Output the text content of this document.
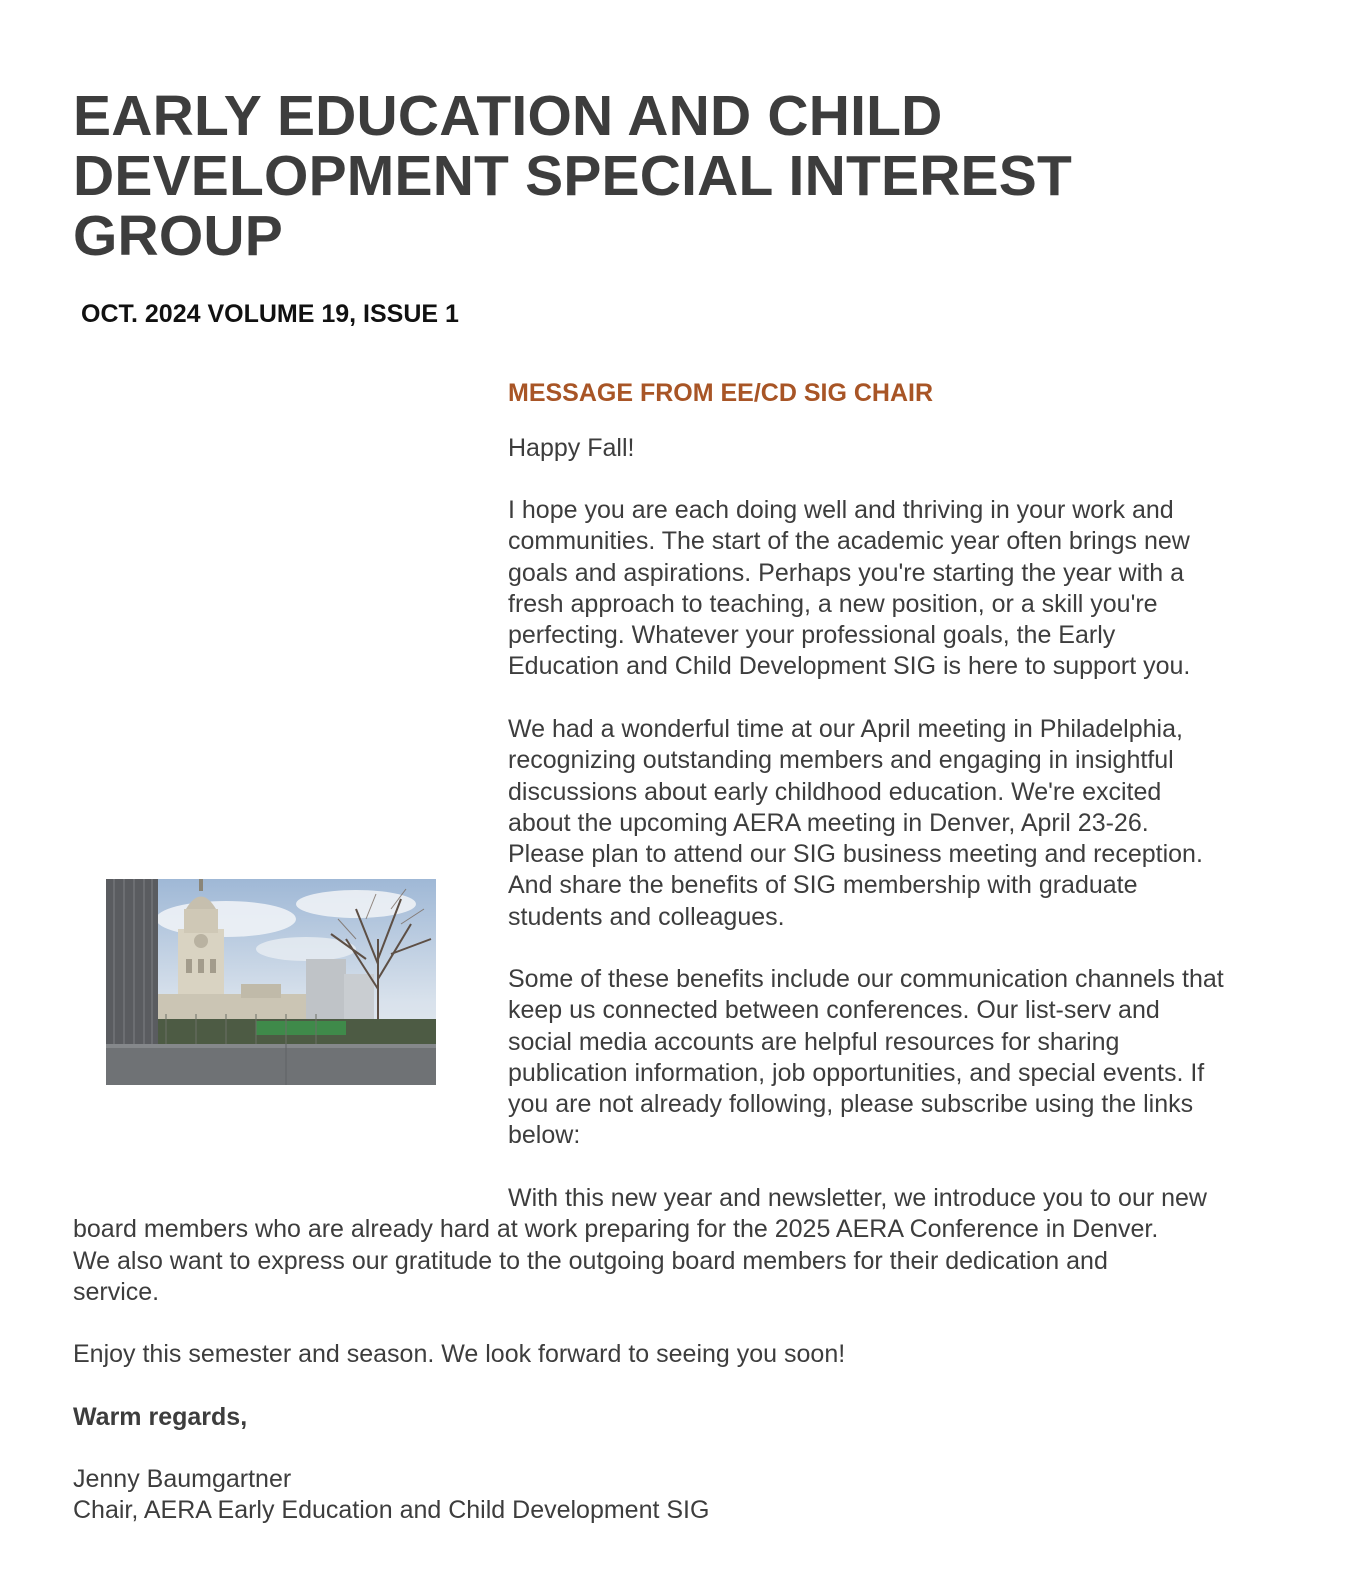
EARLY EDUCATION AND CHILD
DEVELOPMENT SPECIAL INTEREST
GROUP

OCT. 2024 VOLUME 19, ISSUE 1

MESSAGE FROM EE/CD SIG CHAIR

Happy Fall!

I hope you are each doing well and thriving in your work and
communities. The start of the academic year often brings new
goals and aspirations. Perhaps you're starting the year with a
fresh approach to teaching, a new position, or a skill you're
perfecting. Whatever your professional goals, the Early
Education and Child Development SIG is here to support you.

We had a wonderful time at our April meeting in Philadelphia,
recognizing outstanding members and engaging in insightful
discussions about early childhood education. We're excited
about the upcoming AERA meeting in Denver, April 23-26.
Please plan to attend our SIG business meeting and reception.
And share the benefits of SIG membership with graduate
students and colleagues.

Some of these benefits include our communication channels that
keep us connected between conferences. Our list-serv and
social media accounts are helpful resources for sharing
publication information, job opportunities, and special events. If
you are not already following, please subscribe using the links
below:

With this new year and newsletter, we introduce you to our new
board members who are already hard at work preparing for the 2025 AERA Conference in Denver.
We also want to express our gratitude to the outgoing board members for their dedication and
service.

Enjoy this semester and season. We look forward to seeing you soon!

Warm regards,

Jenny Baumgartner
Chair, AERA Early Education and Child Development SIG
